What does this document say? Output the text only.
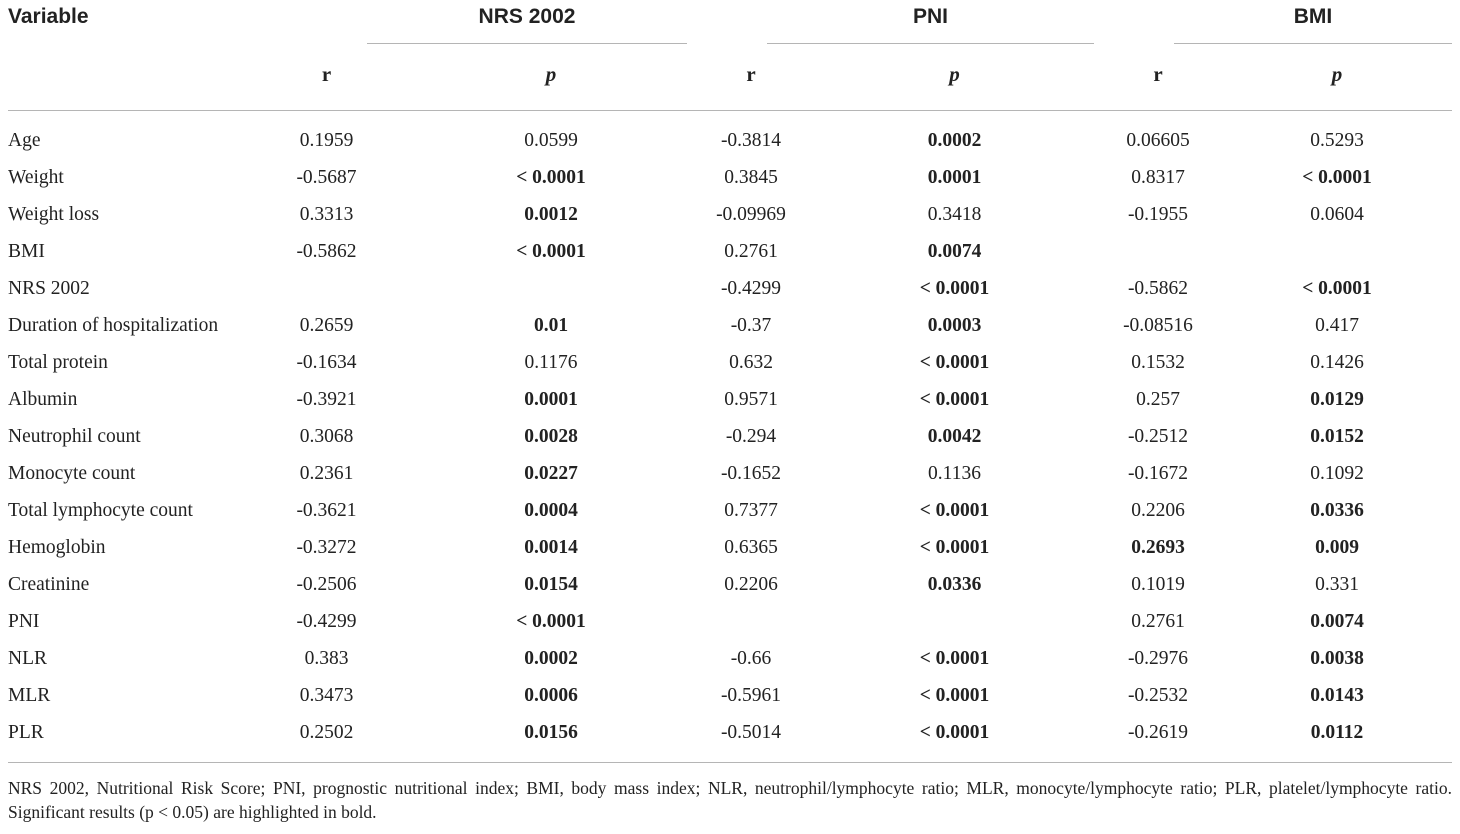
Variable		NRS 2002			PNI			BMI	

	r		p	r		p	r		p

Age	0.1959		0.0599	-0.3814		0.0002	0.06605		0.5293
Weight	-0.5687		< 0.0001	0.3845		0.0001	0.8317		< 0.0001
Weight loss	0.3313		0.0012	-0.09969		0.3418	-0.1955		0.0604
BMI	-0.5862		< 0.0001	0.2761		0.0074			
NRS 2002				-0.4299		< 0.0001	-0.5862		< 0.0001
Duration of hospitalization	0.2659		0.01	-0.37		0.0003	-0.08516		0.417
Total protein	-0.1634		0.1176	0.632		< 0.0001	0.1532		0.1426
Albumin	-0.3921		0.0001	0.9571		< 0.0001	0.257		0.0129
Neutrophil count	0.3068		0.0028	-0.294		0.0042	-0.2512		0.0152
Monocyte count	0.2361		0.0227	-0.1652		0.1136	-0.1672		0.1092
Total lymphocyte count	-0.3621		0.0004	0.7377		< 0.0001	0.2206		0.0336
Hemoglobin	-0.3272		0.0014	0.6365		< 0.0001	0.2693		0.009
Creatinine	-0.2506		0.0154	0.2206		0.0336	0.1019		0.331
PNI	-0.4299		< 0.0001				0.2761		0.0074
NLR	0.383		0.0002	-0.66		< 0.0001	-0.2976		0.0038
MLR	0.3473		0.0006	-0.5961		< 0.0001	-0.2532		0.0143
PLR	0.2502		0.0156	-0.5014		< 0.0001	-0.2619		0.0112

NRS 2002, Nutritional Risk Score; PNI, prognostic nutritional index; BMI, body mass index; NLR, neutrophil/lymphocyte ratio; MLR, monocyte/lymphocyte ratio; PLR, platelet/lymphocyte ratio. Significant results (p < 0.05) are highlighted in bold.
